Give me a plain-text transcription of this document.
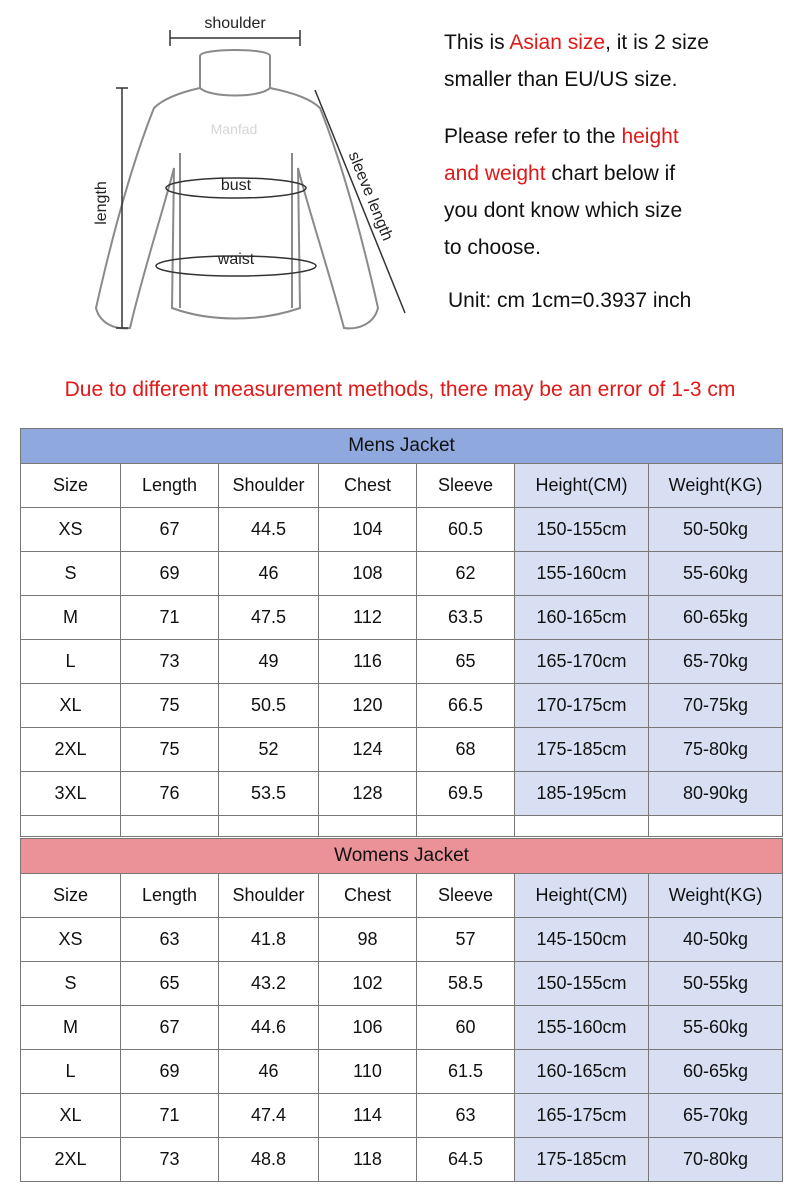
shoulder
length	bust
waist
sleeve length
Manfad

This is Asian size, it is 2 size

smaller than EU/US size.

Please refer to the height

and weight chart below if

you dont know which size

to choose.

Unit: cm 1cm=0.3937 inch

Due to different measurement methods, there may be an error of 1-3 cm
Mens Jacket						
Size	Length	Shoulder	Chest	Sleeve	Height(CM)	Weight(KG)
XS	67	44.5	104	60.5	150-155cm	50-50kg
S	69	46	108	62	155-160cm	55-60kg
M	71	47.5	112	63.5	160-165cm	60-65kg
L	73	49	116	65	165-170cm	65-70kg
XL	75	50.5	120	66.5	170-175cm	70-75kg
2XL	75	52	124	68	175-185cm	75-80kg
3XL	76	53.5	128	69.5	185-195cm	80-90kg

Womens Jacket						
Size	Length	Shoulder	Chest	Sleeve	Height(CM)	Weight(KG)
XS	63	41.8	98	57	145-150cm	40-50kg
S	65	43.2	102	58.5	150-155cm	50-55kg
M	67	44.6	106	60	155-160cm	55-60kg
L	69	46	110	61.5	160-165cm	60-65kg
XL	71	47.4	114	63	165-175cm	65-70kg
2XL	73	48.8	118	64.5	175-185cm	70-80kg
